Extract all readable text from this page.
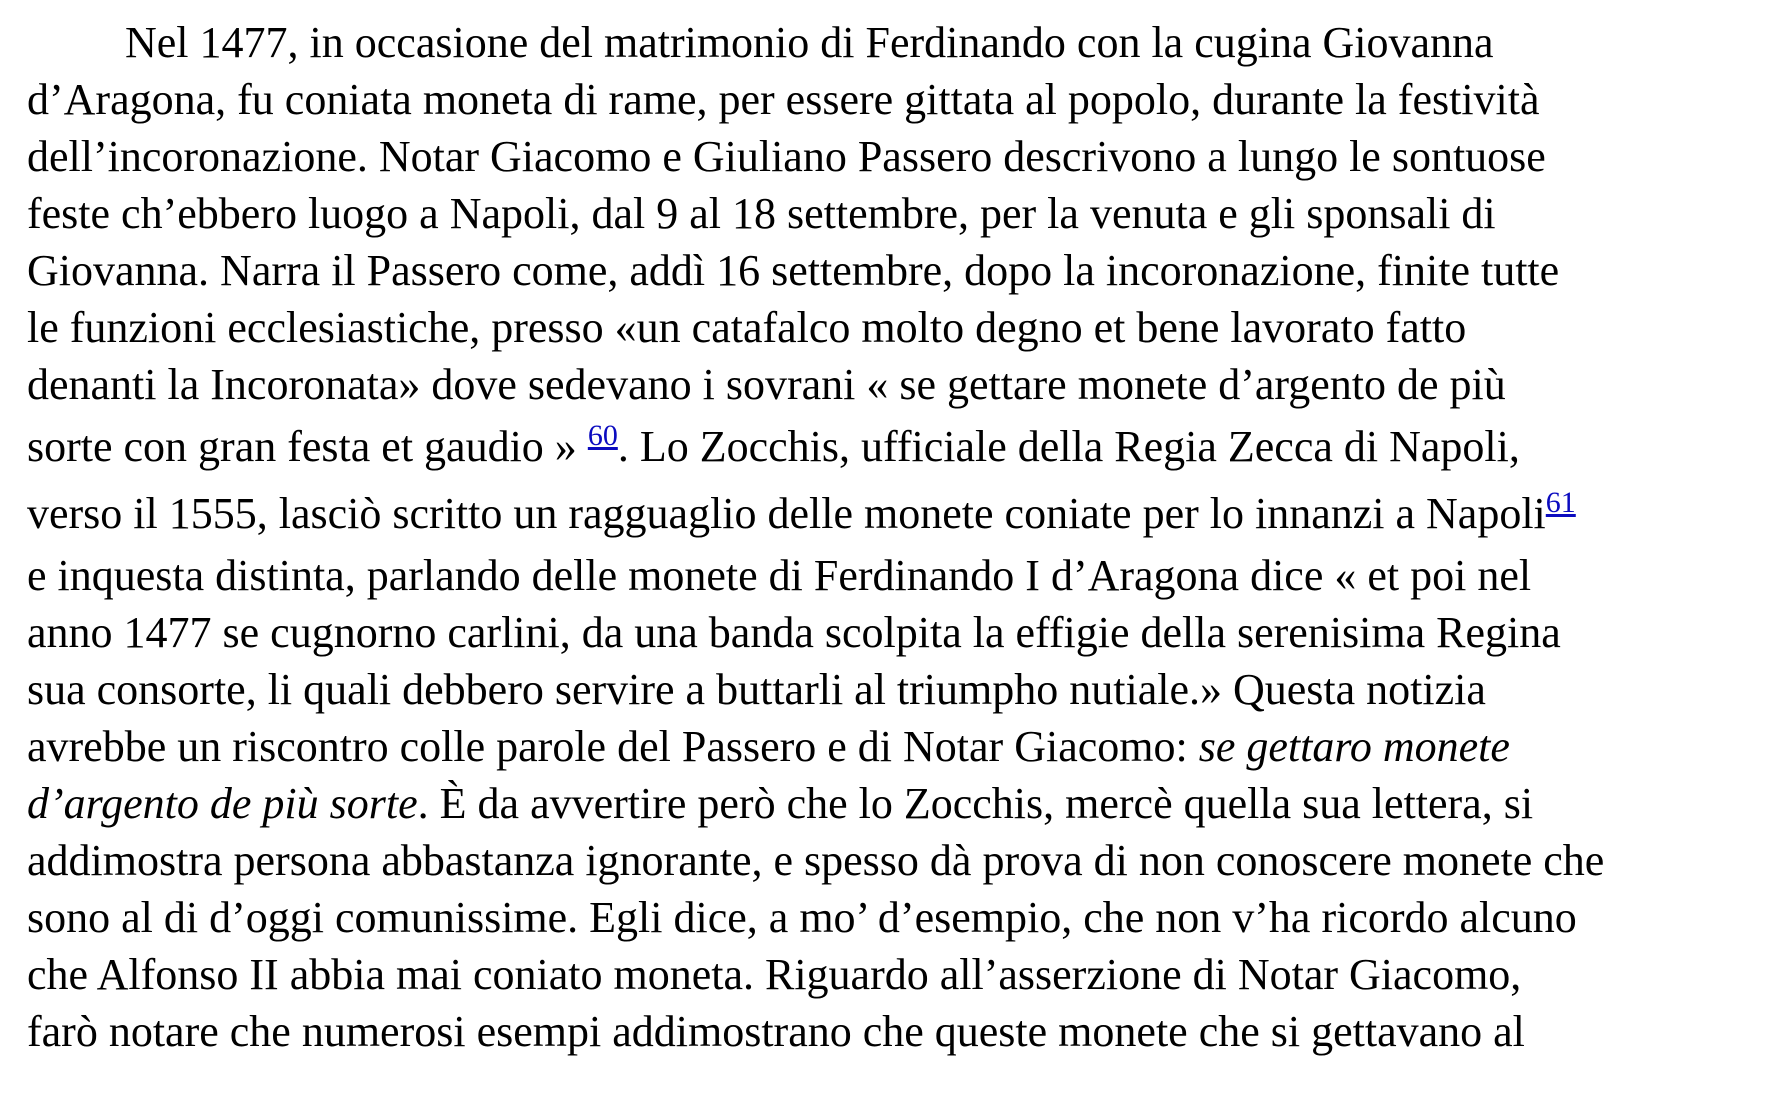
Nel 1477, in occasione del matrimonio di Ferdinando con la cugina Giovanna
d’Aragona, fu coniata moneta di rame, per essere gittata al popolo, durante la festività
dell’incoronazione. Notar Giacomo e Giuliano Passero descrivono a lungo le sontuose
feste ch’ebbero luogo a Napoli, dal 9 al 18 settembre, per la venuta e gli sponsali di
Giovanna. Narra il Passero come, addì 16 settembre, dopo la incoronazione, finite tutte
le funzioni ecclesiastiche, presso «un catafalco molto degno et bene lavorato fatto
denanti la Incoronata» dove sedevano i sovrani « se gettare monete d’argento de più
sorte con gran festa et gaudio » $^{60}$. Lo Zocchis, ufficiale della Regia Zecca di Napoli,
verso il 1555, lasciò scritto un ragguaglio delle monete coniate per lo innanzi a Napoli$^{61}$
e inquesta distinta, parlando delle monete di Ferdinando I d’Aragona dice « et poi nel
anno 1477 se cugnorno carlini, da una banda scolpita la effigie della serenisima Regina
sua consorte, li quali debbero servire a buttarli al triumpho nutiale.» Questa notizia
avrebbe un riscontro colle parole del Passero e di Notar Giacomo: se gettaro monete
d’argento de più sorte. È da avvertire però che lo Zocchis, mercè quella sua lettera, si
addimostra persona abbastanza ignorante, e spesso dà prova di non conoscere monete che
sono al di d’oggi comunissime. Egli dice, a mo’ d’esempio, che non v’ha ricordo alcuno
che Alfonso II abbia mai coniato moneta. Riguardo all’asserzione di Notar Giacomo,
farò notare che numerosi esempi addimostrano che queste monete che si gettavano al
